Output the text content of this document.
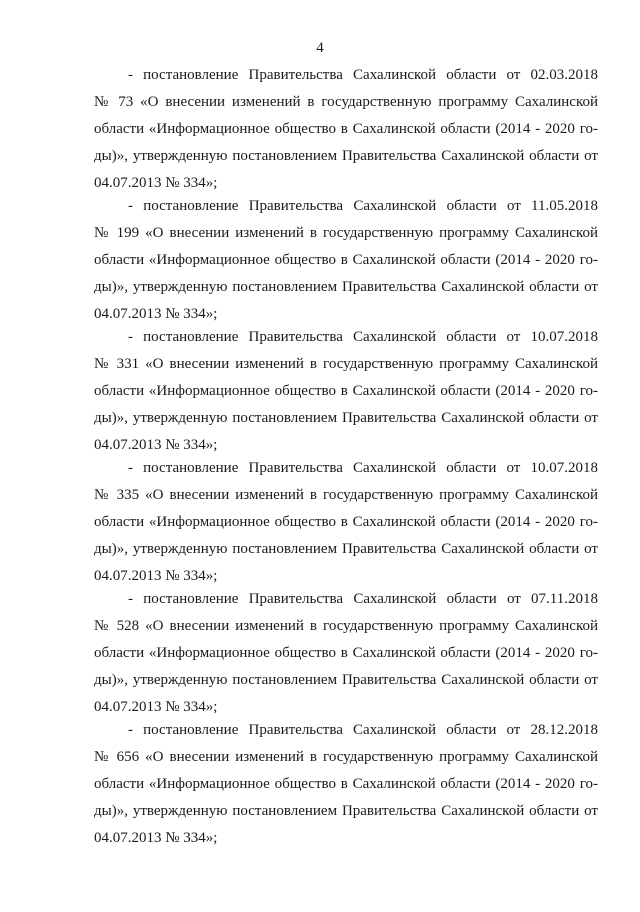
4
- постановление Правительства Сахалинской области от 02.03.2018
№ 73 «О внесении изменений в государственную программу Сахалинской
области «Информационное общество в Сахалинской области (2014 - 2020 го-
ды)», утвержденную постановлением Правительства Сахалинской области от
04.07.2013 № 334»;
- постановление Правительства Сахалинской области от 11.05.2018
№ 199 «О внесении изменений в государственную программу Сахалинской
области «Информационное общество в Сахалинской области (2014 - 2020 го-
ды)», утвержденную постановлением Правительства Сахалинской области от
04.07.2013 № 334»;
- постановление Правительства Сахалинской области от 10.07.2018
№ 331 «О внесении изменений в государственную программу Сахалинской
области «Информационное общество в Сахалинской области (2014 - 2020 го-
ды)», утвержденную постановлением Правительства Сахалинской области от
04.07.2013 № 334»;
- постановление Правительства Сахалинской области от 10.07.2018
№ 335 «О внесении изменений в государственную программу Сахалинской
области «Информационное общество в Сахалинской области (2014 - 2020 го-
ды)», утвержденную постановлением Правительства Сахалинской области от
04.07.2013 № 334»;
- постановление Правительства Сахалинской области от 07.11.2018
№ 528 «О внесении изменений в государственную программу Сахалинской
области «Информационное общество в Сахалинской области (2014 - 2020 го-
ды)», утвержденную постановлением Правительства Сахалинской области от
04.07.2013 № 334»;
- постановление Правительства Сахалинской области от 28.12.2018
№ 656 «О внесении изменений в государственную программу Сахалинской
области «Информационное общество в Сахалинской области (2014 - 2020 го-
ды)», утвержденную постановлением Правительства Сахалинской области от
04.07.2013 № 334»;
